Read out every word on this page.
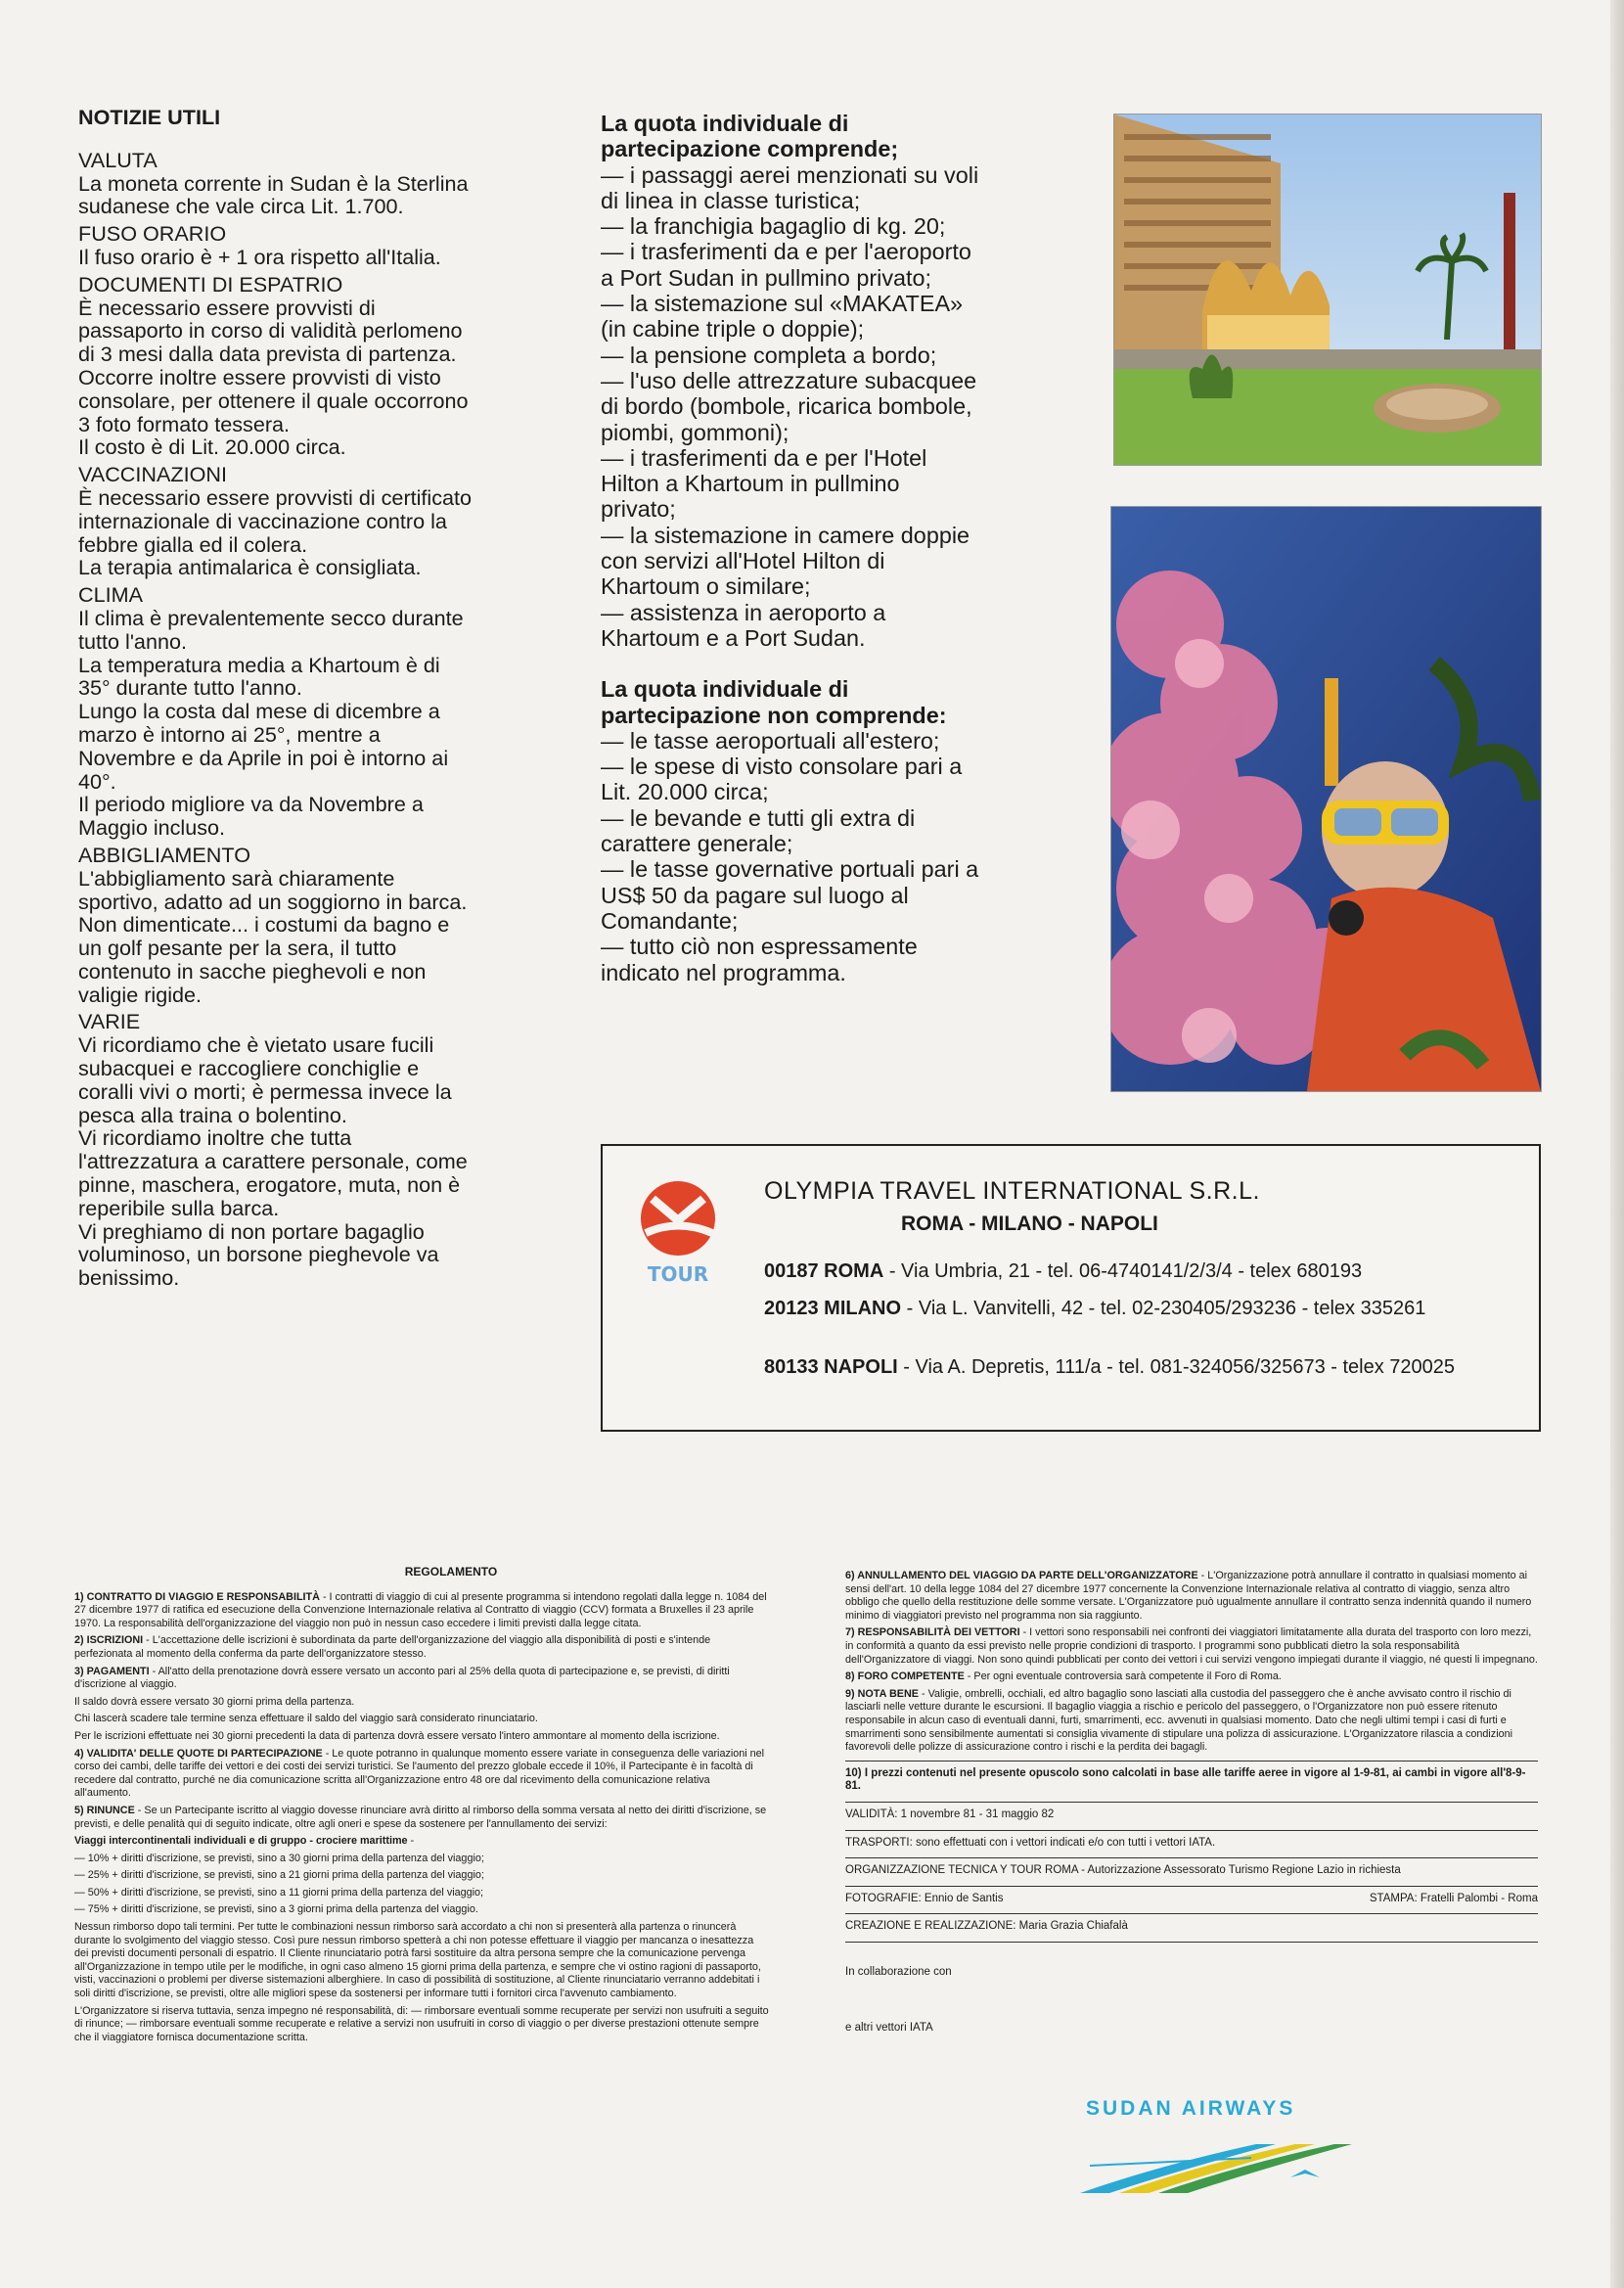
NOTIZIE UTILI

VALUTA

La moneta corrente in Sudan è la Sterlina

sudanese che vale circa Lit. 1.700.

FUSO ORARIO

Il fuso orario è + 1 ora rispetto all'Italia.

DOCUMENTI DI ESPATRIO

È necessario essere provvisti di

passaporto in corso di validità perlomeno

di 3 mesi dalla data prevista di partenza.

Occorre inoltre essere provvisti di visto

consolare, per ottenere il quale occorrono

3 foto formato tessera.

Il costo è di Lit. 20.000 circa.

VACCINAZIONI

È necessario essere provvisti di certificato

internazionale di vaccinazione contro la

febbre gialla ed il colera.

La terapia antimalarica è consigliata.

CLIMA

Il clima è prevalentemente secco durante

tutto l'anno.

La temperatura media a Khartoum è di

35° durante tutto l'anno.

Lungo la costa dal mese di dicembre a

marzo è intorno ai 25°, mentre a

Novembre e da Aprile in poi è intorno ai

40°.

Il periodo migliore va da Novembre a

Maggio incluso.

ABBIGLIAMENTO

L'abbigliamento sarà chiaramente

sportivo, adatto ad un soggiorno in barca.

Non dimenticate... i costumi da bagno e

un golf pesante per la sera, il tutto

contenuto in sacche pieghevoli e non

valigie rigide.

VARIE

Vi ricordiamo che è vietato usare fucili

subacquei e raccogliere conchiglie e

coralli vivi o morti; è permessa invece la

pesca alla traina o bolentino.

Vi ricordiamo inoltre che tutta

l'attrezzatura a carattere personale, come

pinne, maschera, erogatore, muta, non è

reperibile sulla barca.

Vi preghiamo di non portare bagaglio

voluminoso, un borsone pieghevole va

benissimo.

La quota individuale di

partecipazione comprende;

— i passaggi aerei menzionati su voli

di linea in classe turistica;

— la franchigia bagaglio di kg. 20;

— i trasferimenti da e per l'aeroporto

a Port Sudan in pullmino privato;

— la sistemazione sul «MAKATEA»

(in cabine triple o doppie);

— la pensione completa a bordo;

— l'uso delle attrezzature subacquee

di bordo (bombole, ricarica bombole,

piombi, gommoni);

— i trasferimenti da e per l'Hotel

Hilton a Khartoum in pullmino

privato;

— la sistemazione in camere doppie

con servizi all'Hotel Hilton di

Khartoum o similare;

— assistenza in aeroporto a

Khartoum e a Port Sudan.

La quota individuale di

partecipazione non comprende:

— le tasse aeroportuali all'estero;

— le spese di visto consolare pari a

Lit. 20.000 circa;

— le bevande e tutti gli extra di

carattere generale;

— le tasse governative portuali pari a

US$ 50 da pagare sul luogo al

Comandante;

— tutto ciò non espressamente

indicato nel programma.

TOUR
OLYMPIA TRAVEL INTERNATIONAL S.R.L.
ROMA - MILANO - NAPOLI
00187 ROMA - Via Umbria, 21 - tel. 06-4740141/2/3/4 - telex 680193
20123 MILANO - Via L. Vanvitelli, 42 - tel. 02-230405/293236 - telex 335261
80133 NAPOLI - Via A. Depretis, 111/a - tel. 081-324056/325673 - telex 720025
REGOLAMENTO

1) CONTRATTO DI VIAGGIO E RESPONSABILITÀ - I contratti di viaggio di cui al presente programma si intendono regolati dalla legge n. 1084 del 27 dicembre 1977 di ratifica ed esecuzione della Convenzione Internazionale relativa al Contratto di viaggio (CCV) formata a Bruxelles il 23 aprile 1970. La responsabilità dell'organizzazione del viaggio non può in nessun caso eccedere i limiti previsti dalla legge citata.

2) ISCRIZIONI - L'accettazione delle iscrizioni è subordinata da parte dell'organizzazione del viaggio alla disponibilità di posti e s'intende perfezionata al momento della conferma da parte dell'organizzatore stesso.

3) PAGAMENTI - All'atto della prenotazione dovrà essere versato un acconto pari al 25% della quota di partecipazione e, se previsti, di diritti d'iscrizione al viaggio.

Il saldo dovrà essere versato 30 giorni prima della partenza.

Chi lascerà scadere tale termine senza effettuare il saldo del viaggio sarà considerato rinunciatario.

Per le iscrizioni effettuate nei 30 giorni precedenti la data di partenza dovrà essere versato l'intero ammontare al momento della iscrizione.

4) VALIDITA' DELLE QUOTE DI PARTECIPAZIONE - Le quote potranno in qualunque momento essere variate in conseguenza delle variazioni nel corso dei cambi, delle tariffe dei vettori e dei costi dei servizi turistici. Se l'aumento del prezzo globale eccede il 10%, il Partecipante è in facoltà di recedere dal contratto, purché ne dia comunicazione scritta all'Organizzazione entro 48 ore dal ricevimento della comunicazione relativa all'aumento.

5) RINUNCE - Se un Partecipante iscritto al viaggio dovesse rinunciare avrà diritto al rimborso della somma versata al netto dei diritti d'iscrizione, se previsti, e delle penalità qui di seguito indicate, oltre agli oneri e spese da sostenere per l'annullamento dei servizi:

Viaggi intercontinentali individuali e di gruppo - crociere marittime -

— 10% + diritti d'iscrizione, se previsti, sino a 30 giorni prima della partenza del viaggio;

— 25% + diritti d'iscrizione, se previsti, sino a 21 giorni prima della partenza del viaggio;

— 50% + diritti d'iscrizione, se previsti, sino a 11 giorni prima della partenza del viaggio;

— 75% + diritti d'iscrizione, se previsti, sino a 3 giorni prima della partenza del viaggio.

Nessun rimborso dopo tali termini. Per tutte le combinazioni nessun rimborso sarà accordato a chi non si presenterà alla partenza o rinuncerà durante lo svolgimento del viaggio stesso. Così pure nessun rimborso spetterà a chi non potesse effettuare il viaggio per mancanza o inesattezza dei previsti documenti personali di espatrio. Il Cliente rinunciatario potrà farsi sostituire da altra persona sempre che la comunicazione pervenga all'Organizzazione in tempo utile per le modifiche, in ogni caso almeno 15 giorni prima della partenza, e sempre che vi ostino ragioni di passaporto, visti, vaccinazioni o problemi per diverse sistemazioni alberghiere. In caso di possibilità di sostituzione, al Cliente rinunciatario verranno addebitati i soli diritti d'iscrizione, se previsti, oltre alle migliori spese da sostenersi per informare tutti i fornitori circa l'avvenuto cambiamento.

L'Organizzatore si riserva tuttavia, senza impegno né responsabilità, di: — rimborsare eventuali somme recuperate per servizi non usufruiti a seguito di rinunce; — rimborsare eventuali somme recuperate e relative a servizi non usufruiti in corso di viaggio o per diverse prestazioni ottenute sempre che il viaggiatore fornisca documentazione scritta.

6) ANNULLAMENTO DEL VIAGGIO DA PARTE DELL'ORGANIZZATORE - L'Organizzazione potrà annullare il contratto in qualsiasi momento ai sensi dell'art. 10 della legge 1084 del 27 dicembre 1977 concernente la Convenzione Internazionale relativa al contratto di viaggio, senza altro obbligo che quello della restituzione delle somme versate. L'Organizzatore può ugualmente annullare il contratto senza indennità quando il numero minimo di viaggiatori previsto nel programma non sia raggiunto.

7) RESPONSABILITÀ DEI VETTORI - I vettori sono responsabili nei confronti dei viaggiatori limitatamente alla durata del trasporto con loro mezzi, in conformità a quanto da essi previsto nelle proprie condizioni di trasporto. I programmi sono pubblicati dietro la sola responsabilità dell'Organizzatore di viaggi. Non sono quindi pubblicati per conto dei vettori i cui servizi vengono impiegati durante il viaggio, né questi li impegnano.

8) FORO COMPETENTE - Per ogni eventuale controversia sarà competente il Foro di Roma.

9) NOTA BENE - Valigie, ombrelli, occhiali, ed altro bagaglio sono lasciati alla custodia del passeggero che è anche avvisato contro il rischio di lasciarli nelle vetture durante le escursioni. Il bagaglio viaggia a rischio e pericolo del passeggero, o l'Organizzatore non può essere ritenuto responsabile in alcun caso di eventuali danni, furti, smarrimenti, ecc. avvenuti in qualsiasi momento. Dato che negli ultimi tempi i casi di furti e smarrimenti sono sensibilmente aumentati si consiglia vivamente di stipulare una polizza di assicurazione. L'Organizzatore rilascia a condizioni favorevoli delle polizze di assicurazione contro i rischi e la perdita dei bagagli.

10) I prezzi contenuti nel presente opuscolo sono calcolati in base alle tariffe aeree in vigore al 1-9-81, ai cambi in vigore all'8-9-81.
VALIDITÀ: 1 novembre 81 - 31 maggio 82
TRASPORTI: sono effettuati con i vettori indicati e/o con tutti i vettori IATA.
ORGANIZZAZIONE TECNICA Y TOUR ROMA - Autorizzazione Assessorato Turismo Regione Lazio in richiesta
FOTOGRAFIE: Ennio de Santis	STAMPA: Fratelli Palombi - Roma
CREAZIONE E REALIZZAZIONE: Maria Grazia Chiafalà
In collaborazione con
e altri vettori IATA
SUDAN AIRWAYS
